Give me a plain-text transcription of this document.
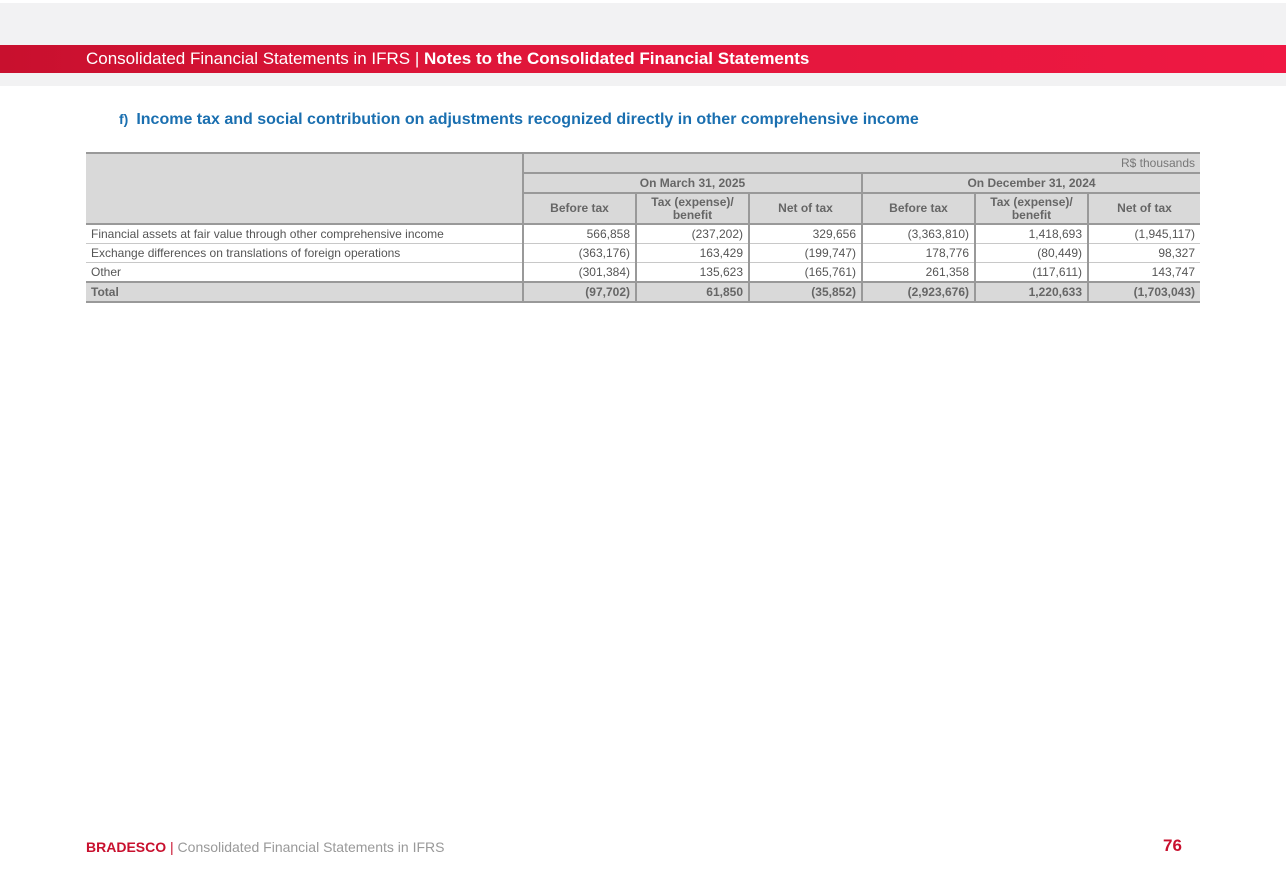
Consolidated Financial Statements in IFRS | Notes to the Consolidated Financial Statements
f) Income tax and social contribution on adjustments recognized directly in other comprehensive income
	R$ thousands					
	On March 31, 2025			On December 31, 2024		
	Before tax	Tax (expense)/ benefit	Net of tax	Before tax	Tax (expense)/ benefit	Net of tax
Financial assets at fair value through other comprehensive income	566,858	(237,202)	329,656	(3,363,810)	1,418,693	(1,945,117)
Exchange differences on translations of foreign operations	(363,176)	163,429	(199,747)	178,776	(80,449)	98,327
Other	(301,384)	135,623	(165,761)	261,358	(117,611)	143,747
Total	(97,702)	61,850	(35,852)	(2,923,676)	1,220,633	(1,703,043)
BRADESCO | Consolidated Financial Statements in IFRS	76
